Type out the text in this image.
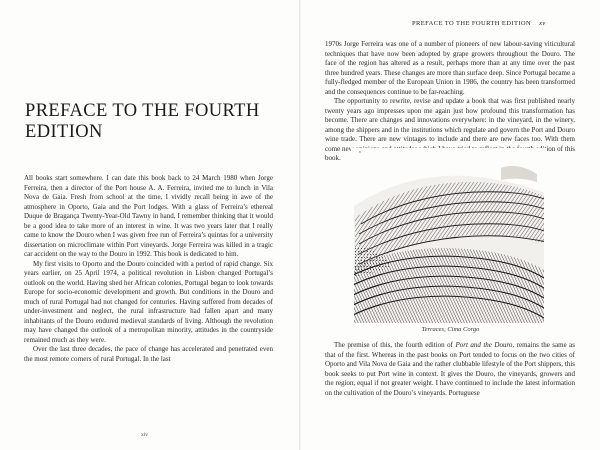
PREFACE TO THE FOURTH EDITION

All books start somewhere. I can date this book back to 24 March 1980 when Jorge Ferreira, then a director of the Port house A. A. Ferreira, invited me to lunch in Vila Nova de Gaia. Fresh from school at the time, I vividly recall being in awe of the atmosphere in Oporto, Gaia and the Port lodges. With a glass of Ferreira’s ethereal Duque de Bragança Twenty-Year-Old Tawny in hand, I remember thinking that it would be a good idea to take more of an interest in wine. It was two years later that I really came to know the Douro when I was given free run of Ferreira’s quintas for a university dissertation on microclimate within Port vineyards. Jorge Ferreira was killed in a tragic car accident on the way to the Douro in 1992. This book is dedicated to him.

My first visits to Oporto and the Douro coincided with a period of rapid change. Six years earlier, on 25 April 1974, a political revolution in Lisbon changed Portugal’s outlook on the world. Having shed her African colonies, Portugal began to look towards Europe for socio-economic development and growth. But conditions in the Douro and much of rural Portugal had not changed for centuries. Having suffered from decades of under-investment and neglect, the rural infrastructure had fallen apart and many inhabitants of the Douro endured medieval standards of living. Although the revolution may have changed the outlook of a metropolitan minority, attitudes in the countryside remained much as they were.

Over the last three decades, the pace of change has accelerated and penetrated even the most remote corners of rural Portugal. In the last

xiv
PREFACE TO THE FOURTH EDITION xv

1970s Jorge Ferreira was one of a number of pioneers of new labour-saving viticultural techniques that have now been adopted by grape growers throughout the Douro. The face of the region has altered as a result, perhaps more than at any time over the past three hundred years. These changes are more than surface deep. Since Portugal became a fully-fledged member of the European Union in 1986, the country has been transformed and the consequences continue to be far-reaching.

The opportunity to rewrite, revise and update a book that was first published nearly twenty years ago impresses upon me again just how profound this transformation has become. There are changes and innovations everywhere: in the vineyard, in the winery, among the shippers and in the institutions which regulate and govern the Port and Douro wine trade. There are new vintages to include and there are new faces too. With them come new opinions and attitudes which I have tried to reflect in the fourth edition of this book.

Terraces, Cima Corgo

The premise of this, the fourth edition of Port and the Douro, remains the same as that of the first. Whereas in the past books on Port tended to focus on the two cities of Oporto and Vila Nova de Gaia and the rather clubbable lifestyle of the Port shippers, this book seeks to put Port wine in context. It gives the Douro, the vineyards, growers and the region, equal if not greater weight. I have continued to include the latest information on the cultivation of the Douro’s vineyards. Portuguese
